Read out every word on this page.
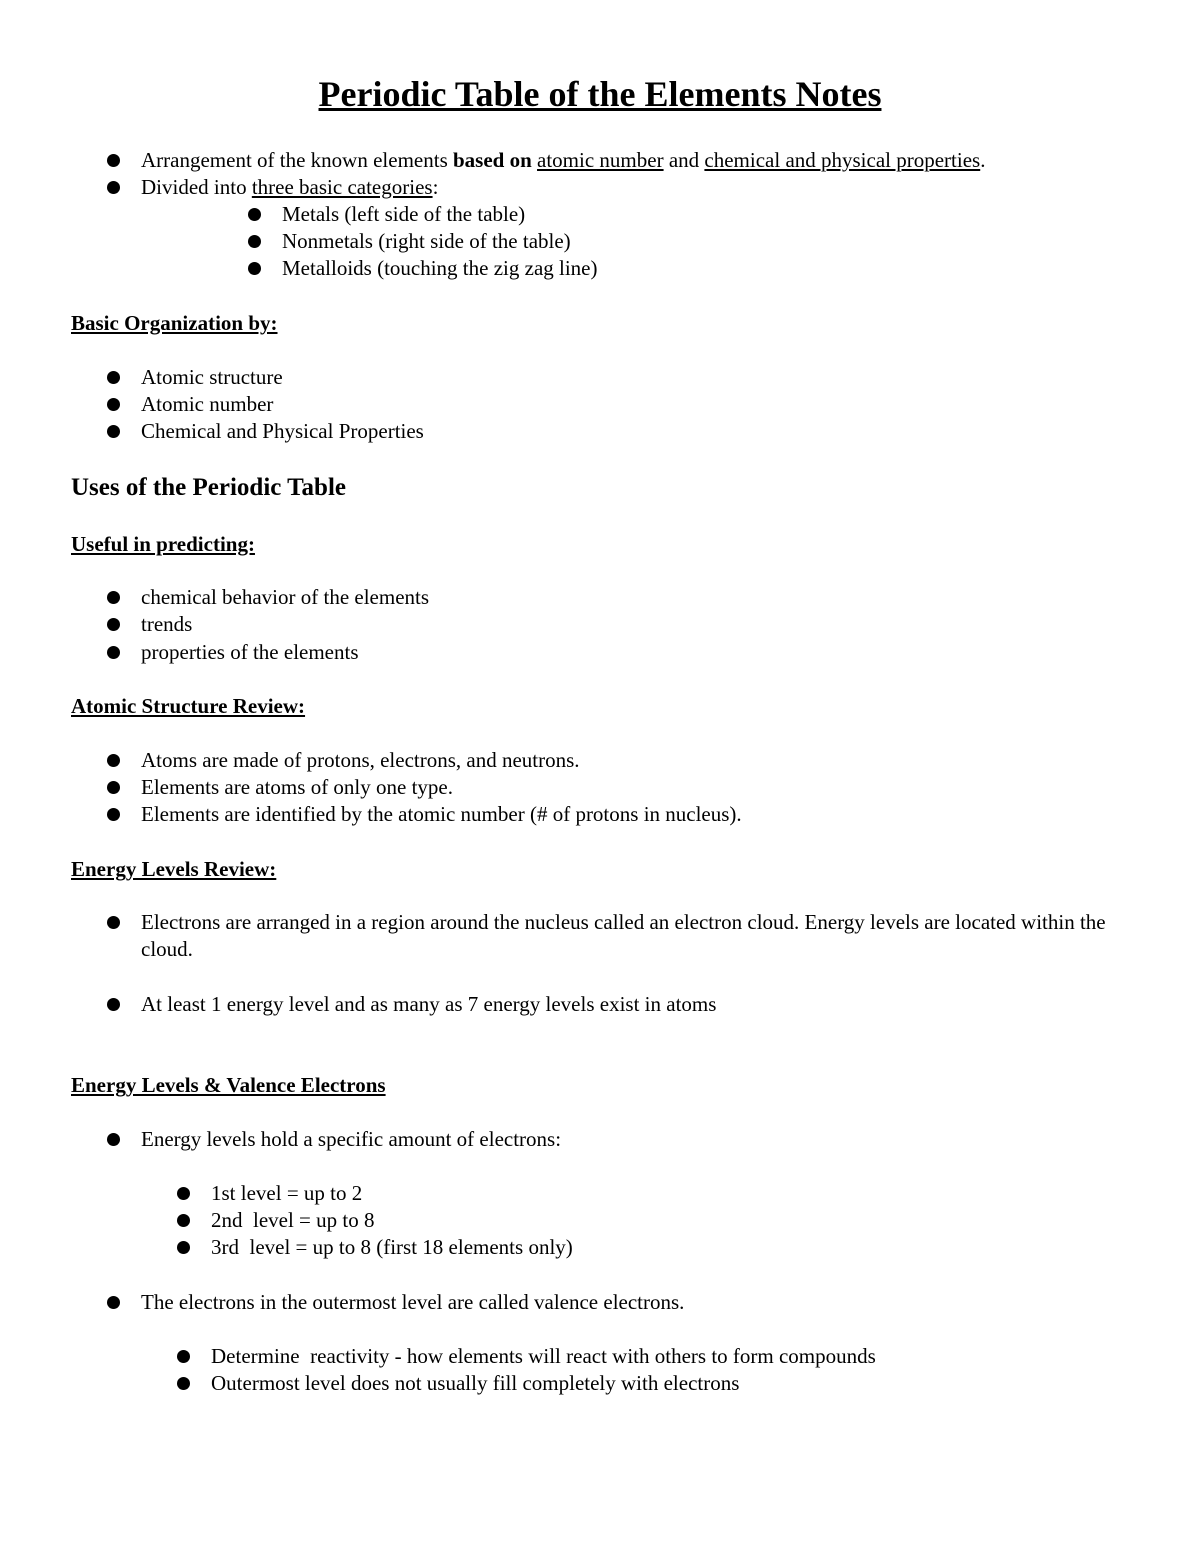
Periodic Table of the Elements Notes
Arrangement of the known elements based on atomic number and chemical and physical properties.
Divided into three basic categories:
Metals (left side of the table)
Nonmetals (right side of the table)
Metalloids (touching the zig zag line)
Basic Organization by:
Atomic structure
Atomic number
Chemical and Physical Properties
Uses of the Periodic Table
Useful in predicting:
chemical behavior of the elements
trends
properties of the elements
Atomic Structure Review:
Atoms are made of protons, electrons, and neutrons.
Elements are atoms of only one type.
Elements are identified by the atomic number (# of protons in nucleus).
Energy Levels Review:
Electrons are arranged in a region around the nucleus called an electron cloud. Energy levels are located within the cloud.
At least 1 energy level and as many as 7 energy levels exist in atoms
Energy Levels & Valence Electrons
Energy levels hold a specific amount of electrons:
1st level = up to 2
2nd  level = up to 8
3rd  level = up to 8 (first 18 elements only)
The electrons in the outermost level are called valence electrons.
Determine  reactivity - how elements will react with others to form compounds
Outermost level does not usually fill completely with electrons
